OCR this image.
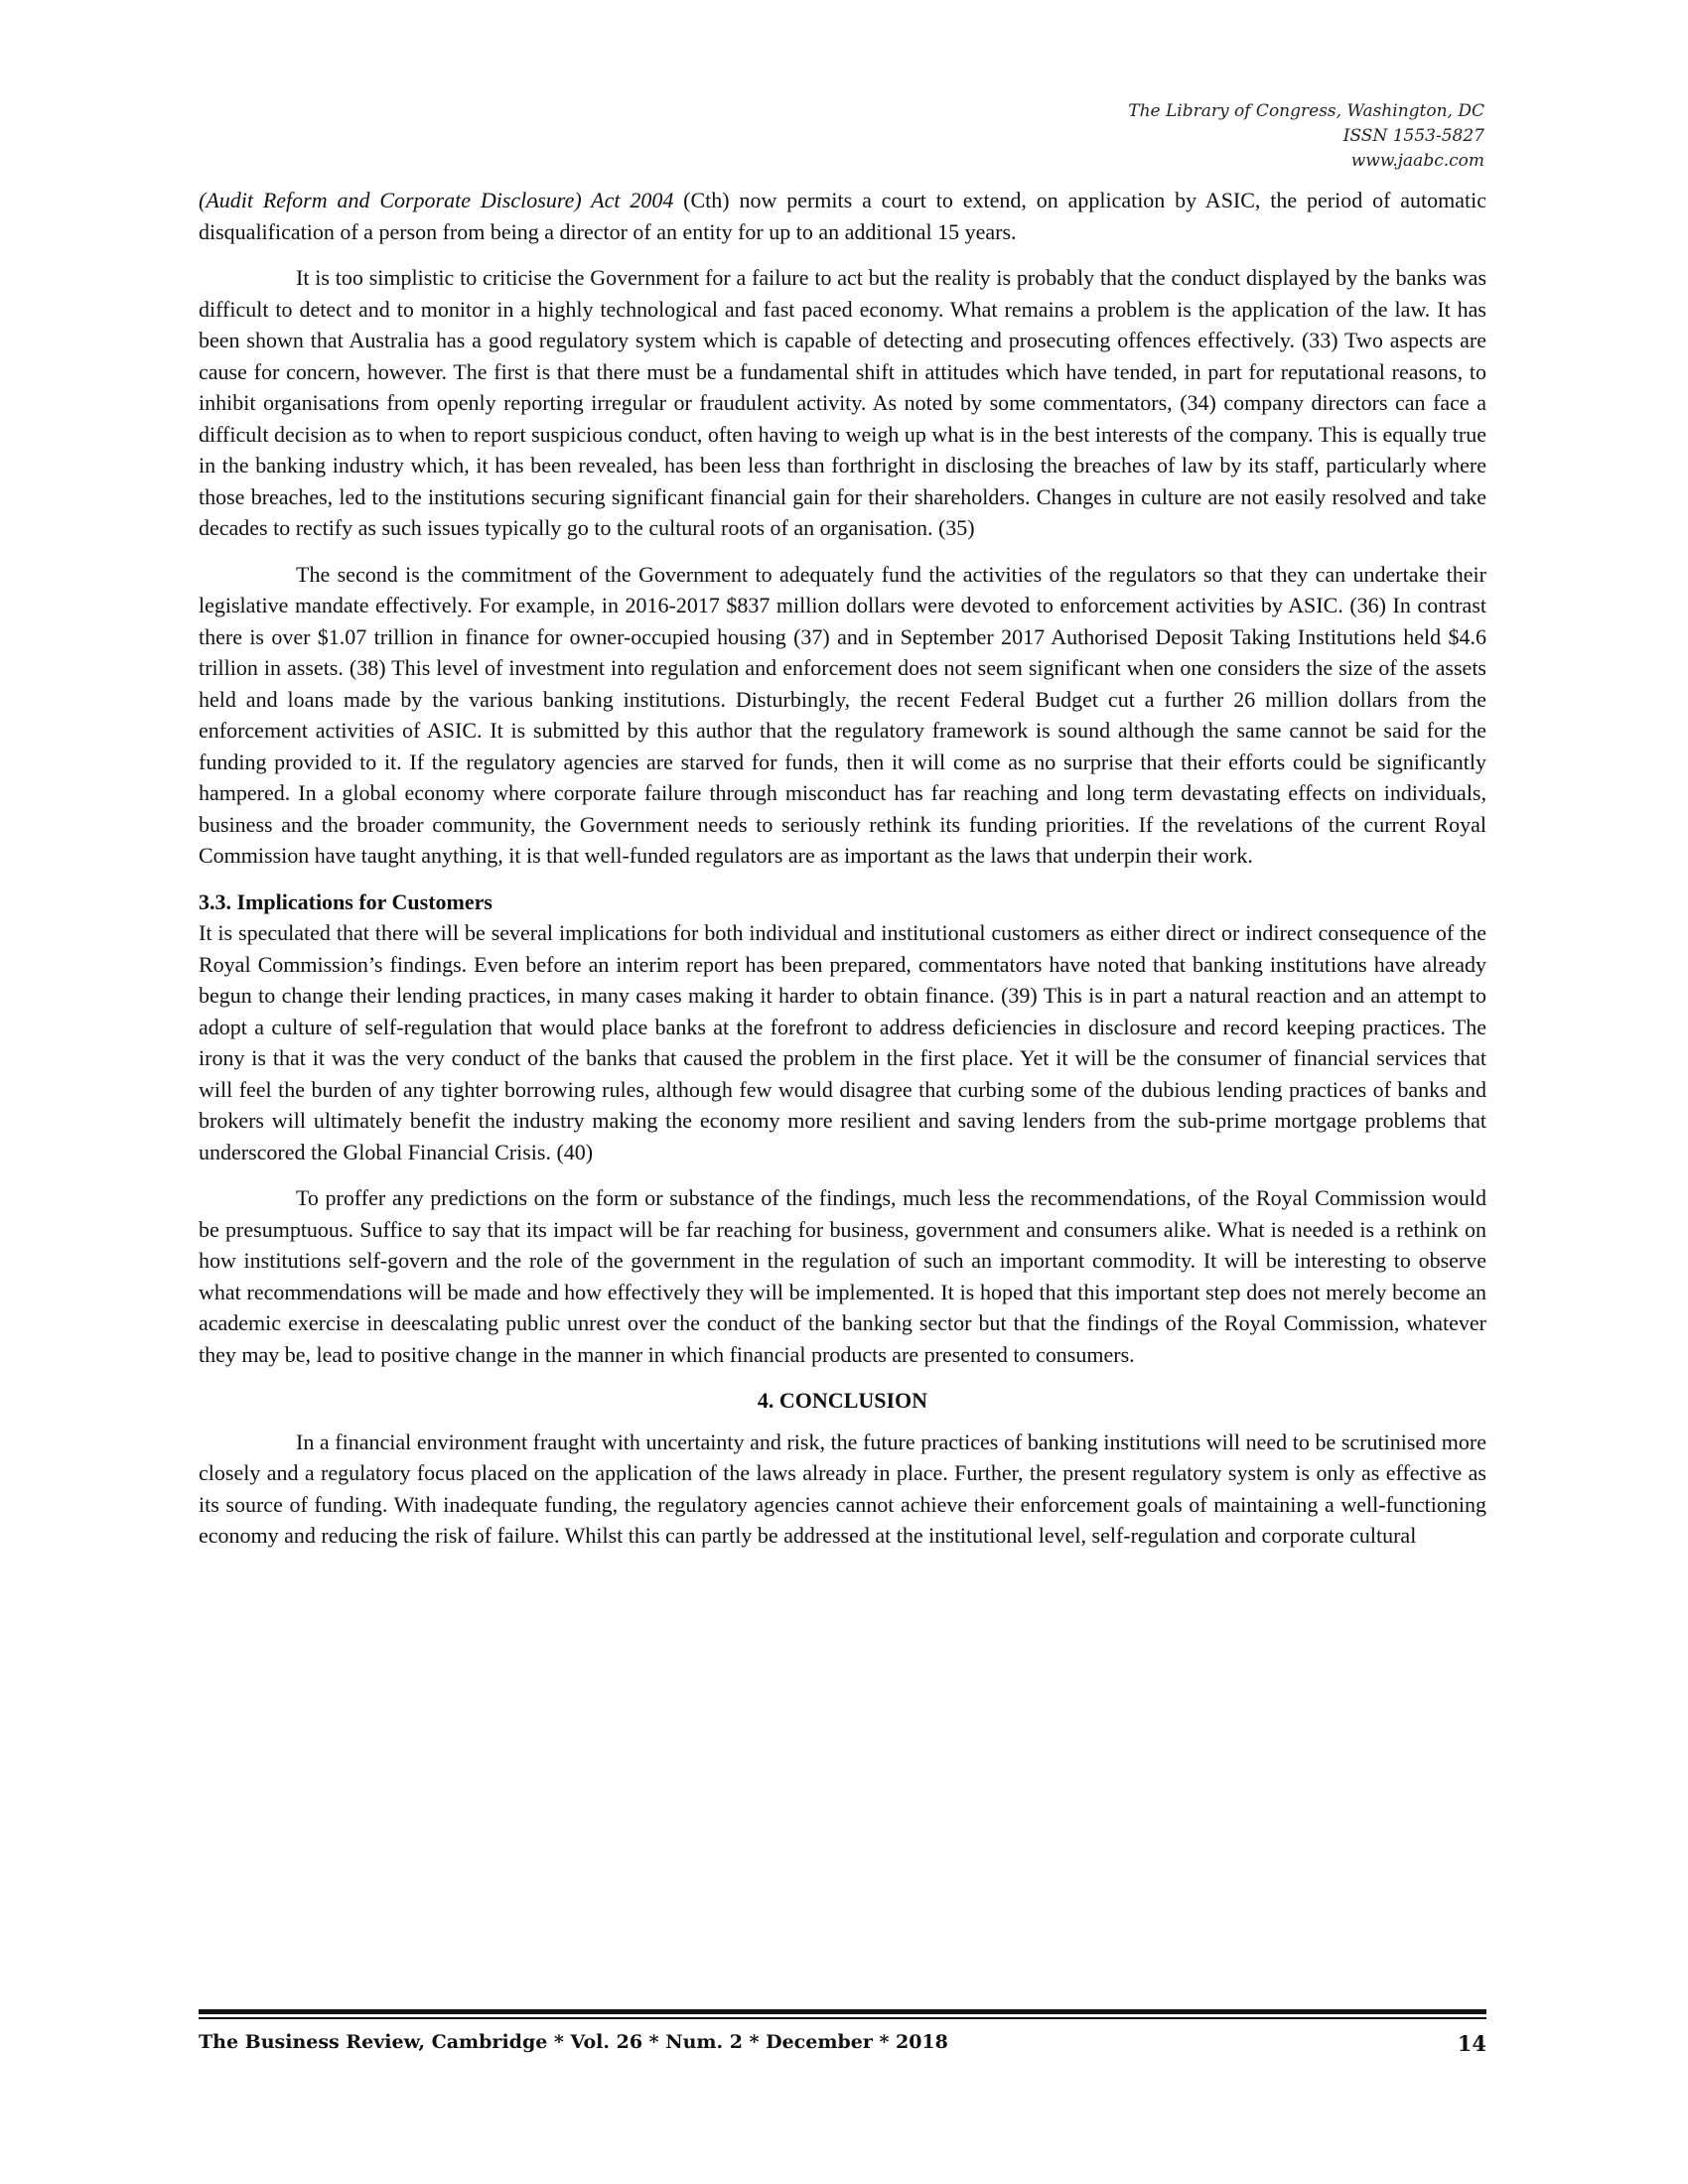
The Library of Congress, Washington, DC
ISSN 1553-5827
www.jaabc.com

(Audit Reform and Corporate Disclosure) Act 2004 (Cth) now permits a court to extend, on application by ASIC, the period of automatic disqualification of a person from being a director of an entity for up to an additional 15 years.

It is too simplistic to criticise the Government for a failure to act but the reality is probably that the conduct displayed by the banks was difficult to detect and to monitor in a highly technological and fast paced economy. What remains a problem is the application of the law. It has been shown that Australia has a good regulatory system which is capable of detecting and prosecuting offences effectively. (33) Two aspects are cause for concern, however. The first is that there must be a fundamental shift in attitudes which have tended, in part for reputational reasons, to inhibit organisations from openly reporting irregular or fraudulent activity. As noted by some commentators, (34) company directors can face a difficult decision as to when to report suspicious conduct, often having to weigh up what is in the best interests of the company. This is equally true in the banking industry which, it has been revealed, has been less than forthright in disclosing the breaches of law by its staff, particularly where those breaches, led to the institutions securing significant financial gain for their shareholders. Changes in culture are not easily resolved and take decades to rectify as such issues typically go to the cultural roots of an organisation. (35)

The second is the commitment of the Government to adequately fund the activities of the regulators so that they can undertake their legislative mandate effectively. For example, in 2016-2017 $837 million dollars were devoted to enforcement activities by ASIC. (36) In contrast there is over $1.07 trillion in finance for owner-occupied housing (37) and in September 2017 Authorised Deposit Taking Institutions held $4.6 trillion in assets. (38) This level of investment into regulation and enforcement does not seem significant when one considers the size of the assets held and loans made by the various banking institutions. Disturbingly, the recent Federal Budget cut a further 26 million dollars from the enforcement activities of ASIC. It is submitted by this author that the regulatory framework is sound although the same cannot be said for the funding provided to it. If the regulatory agencies are starved for funds, then it will come as no surprise that their efforts could be significantly hampered. In a global economy where corporate failure through misconduct has far reaching and long term devastating effects on individuals, business and the broader community, the Government needs to seriously rethink its funding priorities. If the revelations of the current Royal Commission have taught anything, it is that well-funded regulators are as important as the laws that underpin their work.

3.3. Implications for Customers

It is speculated that there will be several implications for both individual and institutional customers as either direct or indirect consequence of the Royal Commission’s findings. Even before an interim report has been prepared, commentators have noted that banking institutions have already begun to change their lending practices, in many cases making it harder to obtain finance. (39) This is in part a natural reaction and an attempt to adopt a culture of self-regulation that would place banks at the forefront to address deficiencies in disclosure and record keeping practices. The irony is that it was the very conduct of the banks that caused the problem in the first place. Yet it will be the consumer of financial services that will feel the burden of any tighter borrowing rules, although few would disagree that curbing some of the dubious lending practices of banks and brokers will ultimately benefit the industry making the economy more resilient and saving lenders from the sub-prime mortgage problems that underscored the Global Financial Crisis. (40)

To proffer any predictions on the form or substance of the findings, much less the recommendations, of the Royal Commission would be presumptuous. Suffice to say that its impact will be far reaching for business, government and consumers alike. What is needed is a rethink on how institutions self-govern and the role of the government in the regulation of such an important commodity. It will be interesting to observe what recommendations will be made and how effectively they will be implemented. It is hoped that this important step does not merely become an academic exercise in deescalating public unrest over the conduct of the banking sector but that the findings of the Royal Commission, whatever they may be, lead to positive change in the manner in which financial products are presented to consumers.

4. CONCLUSION

In a financial environment fraught with uncertainty and risk, the future practices of banking institutions will need to be scrutinised more closely and a regulatory focus placed on the application of the laws already in place. Further, the present regulatory system is only as effective as its source of funding. With inadequate funding, the regulatory agencies cannot achieve their enforcement goals of maintaining a well-functioning economy and reducing the risk of failure. Whilst this can partly be addressed at the institutional level, self-regulation and corporate cultural

The Business Review, Cambridge * Vol. 26 * Num. 2 * December * 2018	14
